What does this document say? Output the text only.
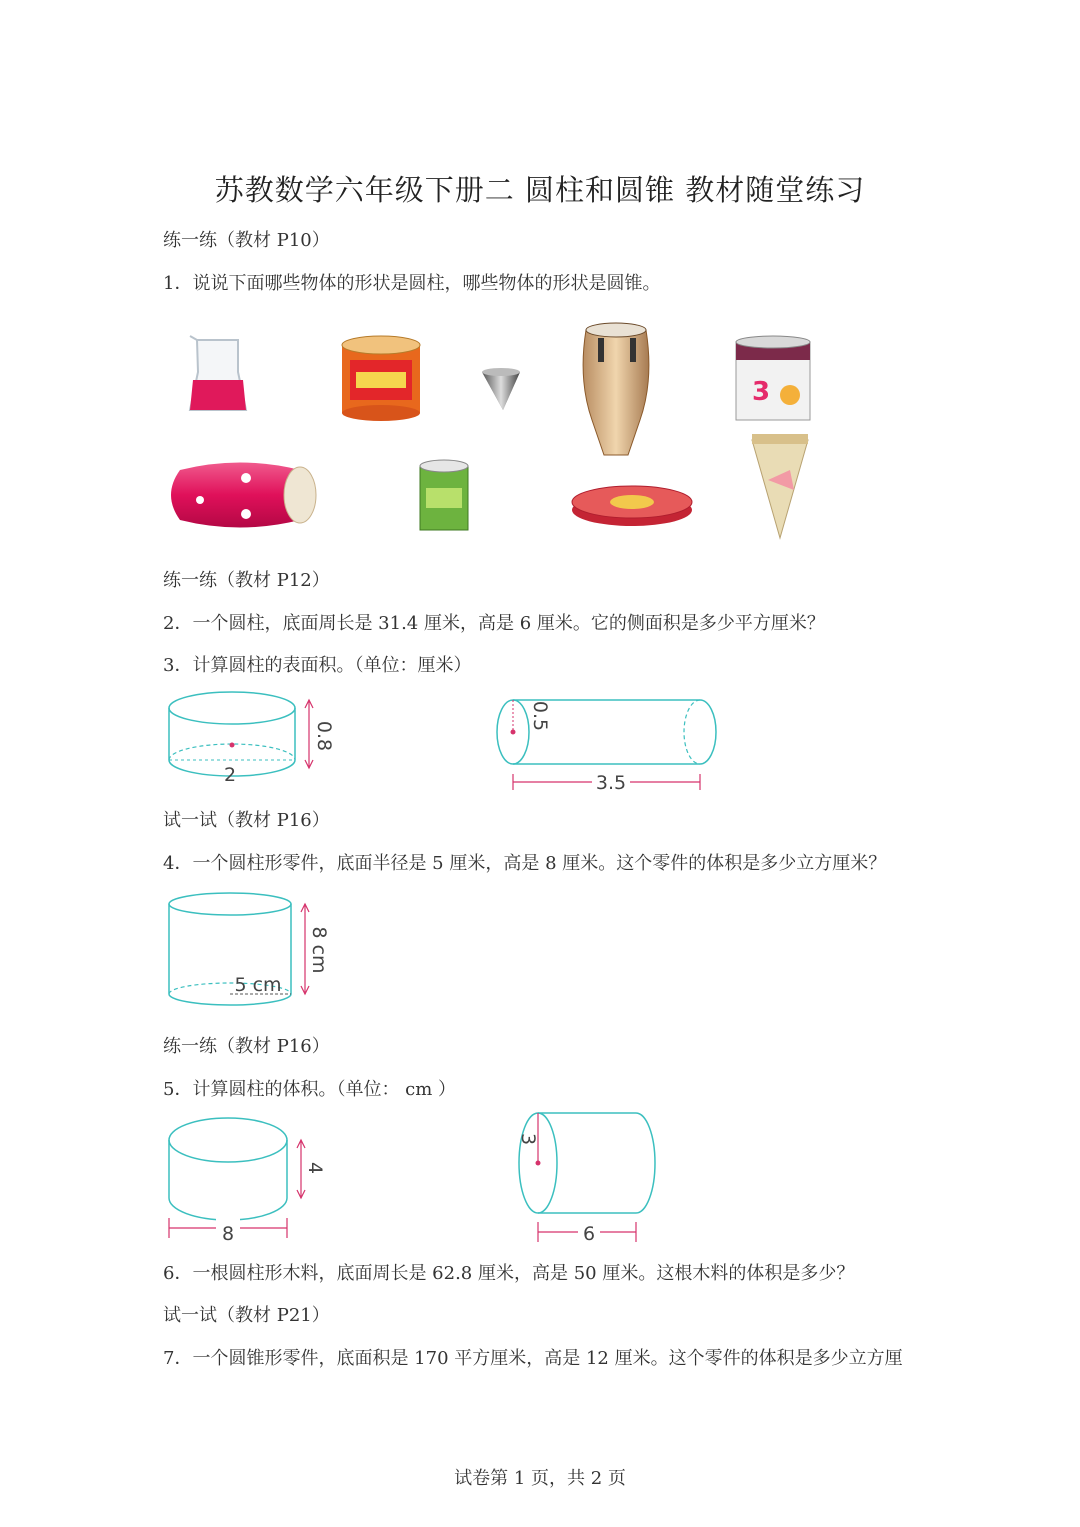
苏教数学六年级下册二 圆柱和圆锥 教材随堂练习
练一练（教材 P10）
1．说说下面哪些物体的形状是圆柱，哪些物体的形状是圆锥。
3
练一练（教材 P12）
2．一个圆柱，底面周长是 31.4 厘米，高是 6 厘米。它的侧面积是多少平方厘米？
3．计算圆柱的表面积。（单位：厘米）
2
0.8
0.5
3.5
试一试（教材 P16）
4．一个圆柱形零件，底面半径是 5 厘米，高是 8 厘米。这个零件的体积是多少立方厘米？
5 cm
8 cm
练一练（教材 P16）
5．计算圆柱的体积。（单位： cm ）
8
4
3
6
6．一根圆柱形木料，底面周长是 62.8 厘米，高是 50 厘米。这根木料的体积是多少？
试一试（教材 P21）
7．一个圆锥形零件，底面积是 170 平方厘米，高是 12 厘米。这个零件的体积是多少立方厘
试卷第 1 页，共 2 页
